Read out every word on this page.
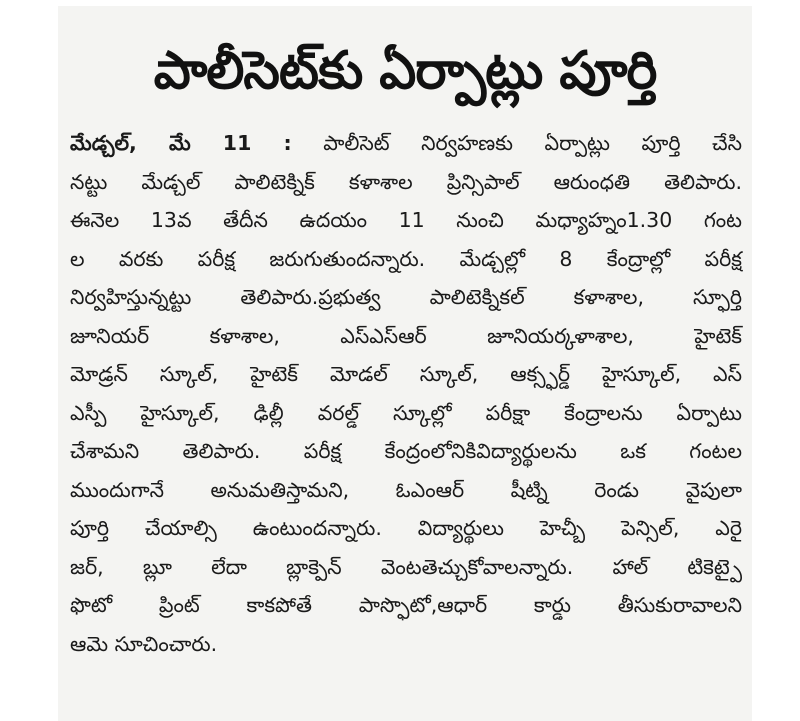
పాలీసెట్‌కు ఏర్పాట్లు పూర్తి
మేడ్చల్, మే 11 : పాలీసెట్ నిర్వహణకు ఏర్పాట్లు పూర్తి చేసి
నట్టు మేడ్చల్ పాలిటెక్నిక్ కళాశాల ప్రిన్సిపాల్ ఆరుంధతి తెలిపారు.
ఈనెల 13వ తేదీన ఉదయం 11 నుంచి మధ్యాహ్నం1.30 గంట
ల వరకు పరీక్ష జరుగుతుందన్నారు. మేడ్చల్లో 8 కేంద్రాల్లో పరీక్ష
నిర్వహిస్తున్నట్టు తెలిపారు.ప్రభుత్వ పాలిటెక్నికల్ కళాశాల, స్ఫూర్తి
జూనియర్ కళాశాల, ఎస్ఎస్ఆర్ జూనియర్కళాశాల, హైటెక్
మోడ్రన్ స్కూల్, హైటెక్ మోడల్ స్కూల్, ఆక్స్ఫర్డ్ హైస్కూల్, ఎస్
ఎస్పీ హైస్కూల్, ఢిల్లీ వరల్డ్ స్కూల్లో పరీక్షా కేంద్రాలను ఏర్పాటు
చేశామని తెలిపారు. పరీక్ష కేంద్రంలోనికివిద్యార్థులను ఒక గంటల
ముందుగానే అనుమతిస్తామని, ఓఎంఆర్ షీట్ని రెండు వైపులా
పూర్తి చేయాల్సి ఉంటుందన్నారు. విద్యార్థులు హెచ్బీ పెన్సిల్, ఎరై
జర్, బ్లూ లేదా బ్లాక్పెన్ వెంటతెచ్చుకోవాలన్నారు. హాల్ టికెట్పై
ఫొటో ప్రింట్ కాకపోతే పాస్ఫొటో,ఆధార్ కార్డు తీసుకురావాలని
ఆమె సూచించారు.
